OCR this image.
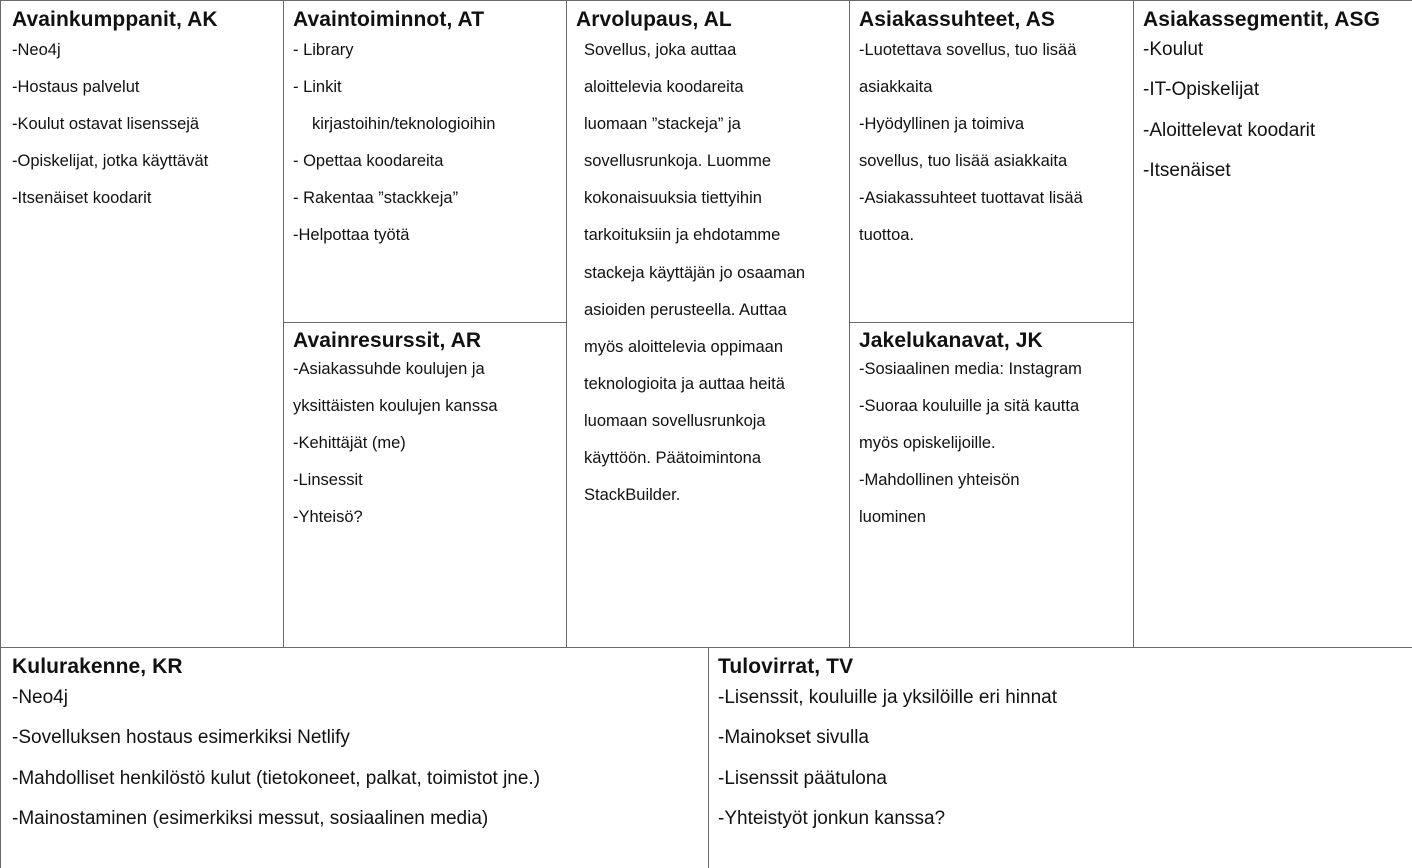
Avainkumppanit, AK
-Neo4j
-Hostaus palvelut
-Koulut ostavat lisenssejä
-Opiskelijat, jotka käyttävät
-Itsenäiset koodarit
Avaintoiminnot, AT
- Library
- Linkit
kirjastoihin/teknologioihin
- Opettaa koodareita
- Rakentaa ”stackkeja”
-Helpottaa työtä
Avainresurssit, AR
-Asiakassuhde koulujen ja
yksittäisten koulujen kanssa
-Kehittäjät (me)
-Linsessit
-Yhteisö?
Arvolupaus, AL
Sovellus, joka auttaa
aloittelevia koodareita
luomaan ”stackeja” ja
sovellusrunkoja. Luomme
kokonaisuuksia tiettyihin
tarkoituksiin ja ehdotamme
stackeja käyttäjän jo osaaman
asioiden perusteella. Auttaa
myös aloittelevia oppimaan
teknologioita ja auttaa heitä
luomaan sovellusrunkoja
käyttöön. Päätoimintona
StackBuilder.
Asiakassuhteet, AS
-Luotettava sovellus, tuo lisää
asiakkaita
-Hyödyllinen ja toimiva
sovellus, tuo lisää asiakkaita
-Asiakassuhteet tuottavat lisää
tuottoa.
Jakelukanavat, JK
-Sosiaalinen media: Instagram
-Suoraa kouluille ja sitä kautta
myös opiskelijoille.
-Mahdollinen yhteisön
luominen
Asiakassegmentit, ASG
-Koulut
-IT-Opiskelijat
-Aloittelevat koodarit
-Itsenäiset
Kulurakenne, KR
-Neo4j
-Sovelluksen hostaus esimerkiksi Netlify
-Mahdolliset henkilöstö kulut (tietokoneet, palkat, toimistot jne.)
-Mainostaminen (esimerkiksi messut, sosiaalinen media)
Tulovirrat, TV
-Lisenssit, kouluille ja yksilöille eri hinnat
-Mainokset sivulla
-Lisenssit päätulona
-Yhteistyöt jonkun kanssa?
